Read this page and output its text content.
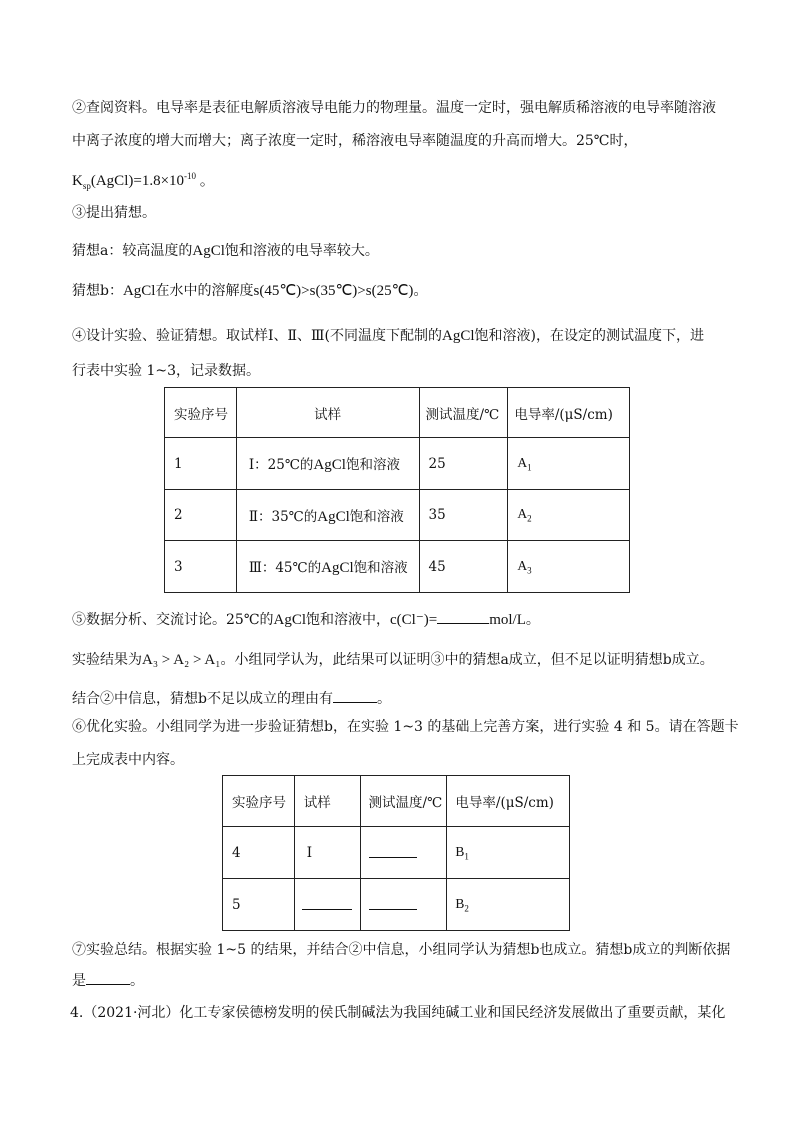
②查阅资料。电导率是表征电解质溶液导电能力的物理量。温度一定时，强电解质稀溶液的电导率随溶液
中离子浓度的增大而增大；离子浓度一定时，稀溶液电导率随温度的升高而增大。25℃时，
$K_{sp}(AgCl)=1.8\times 10^{-10}$ 。
③提出猜想。
猜想a：较高温度的AgCl饱和溶液的电导率较大。
猜想b：AgCl在水中的溶解度s(45℃)>s(35℃)>s(25℃)。
④设计实验、验证猜想。取试样Ⅰ、Ⅱ、Ⅲ(不同温度下配制的AgCl饱和溶液)，在设定的测试温度下，进
行表中实验 1~3，记录数据。
实验序号	试样	测试温度/℃	电导率/(μS/cm)
1	Ⅰ：25℃的AgCl饱和溶液	25	$A_1$
2	Ⅱ：35℃的AgCl饱和溶液	35	$A_2$
3	Ⅲ：45℃的AgCl饱和溶液	45	$A_3$
⑤数据分析、交流讨论。25℃的AgCl饱和溶液中，c(Cl⁻)=	mol/L。
实验结果为A₃ > A₂ > A₁。小组同学认为，此结果可以证明③中的猜想a成立，但不足以证明猜想b成立。
结合②中信息，猜想b不足以成立的理由有	。
⑥优化实验。小组同学为进一步验证猜想b，在实验 1~3 的基础上完善方案，进行实验 4 和 5。请在答题卡
上完成表中内容。
实验序号	试样	测试温度/℃	电导率/(μS/cm)
4	Ⅰ		$B_1$
5			$B_2$
⑦实验总结。根据实验 1~5 的结果，并结合②中信息，小组同学认为猜想b也成立。猜想b成立的判断依据
是	。
4.（2021·河北）化工专家侯德榜发明的侯氏制碱法为我国纯碱工业和国民经济发展做出了重要贡献，某化
